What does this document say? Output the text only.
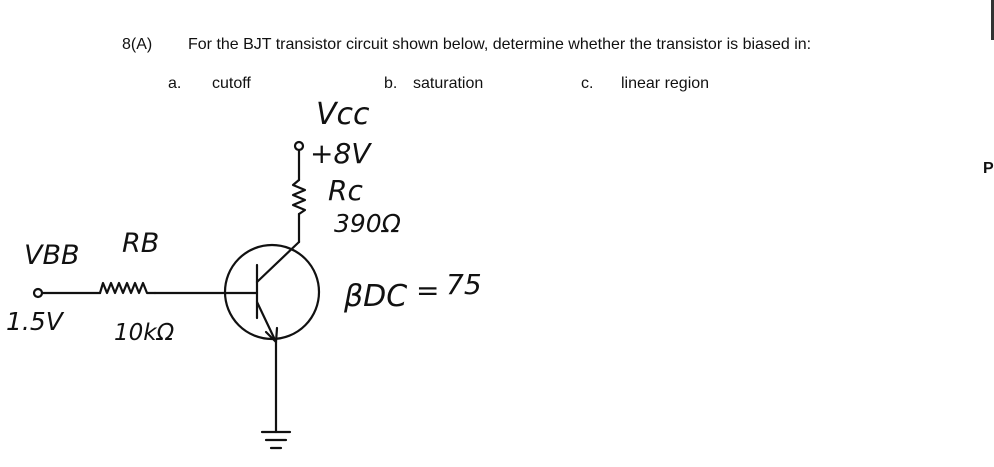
8(A) For the BJT transistor circuit shown below, determine whether the transistor is biased in:
a. cutoff	b. saturation	c. linear region
P
Vcc
+8V
Rc
390Ω
RB
10kΩ
VBB
1.5V
βDC = 75
